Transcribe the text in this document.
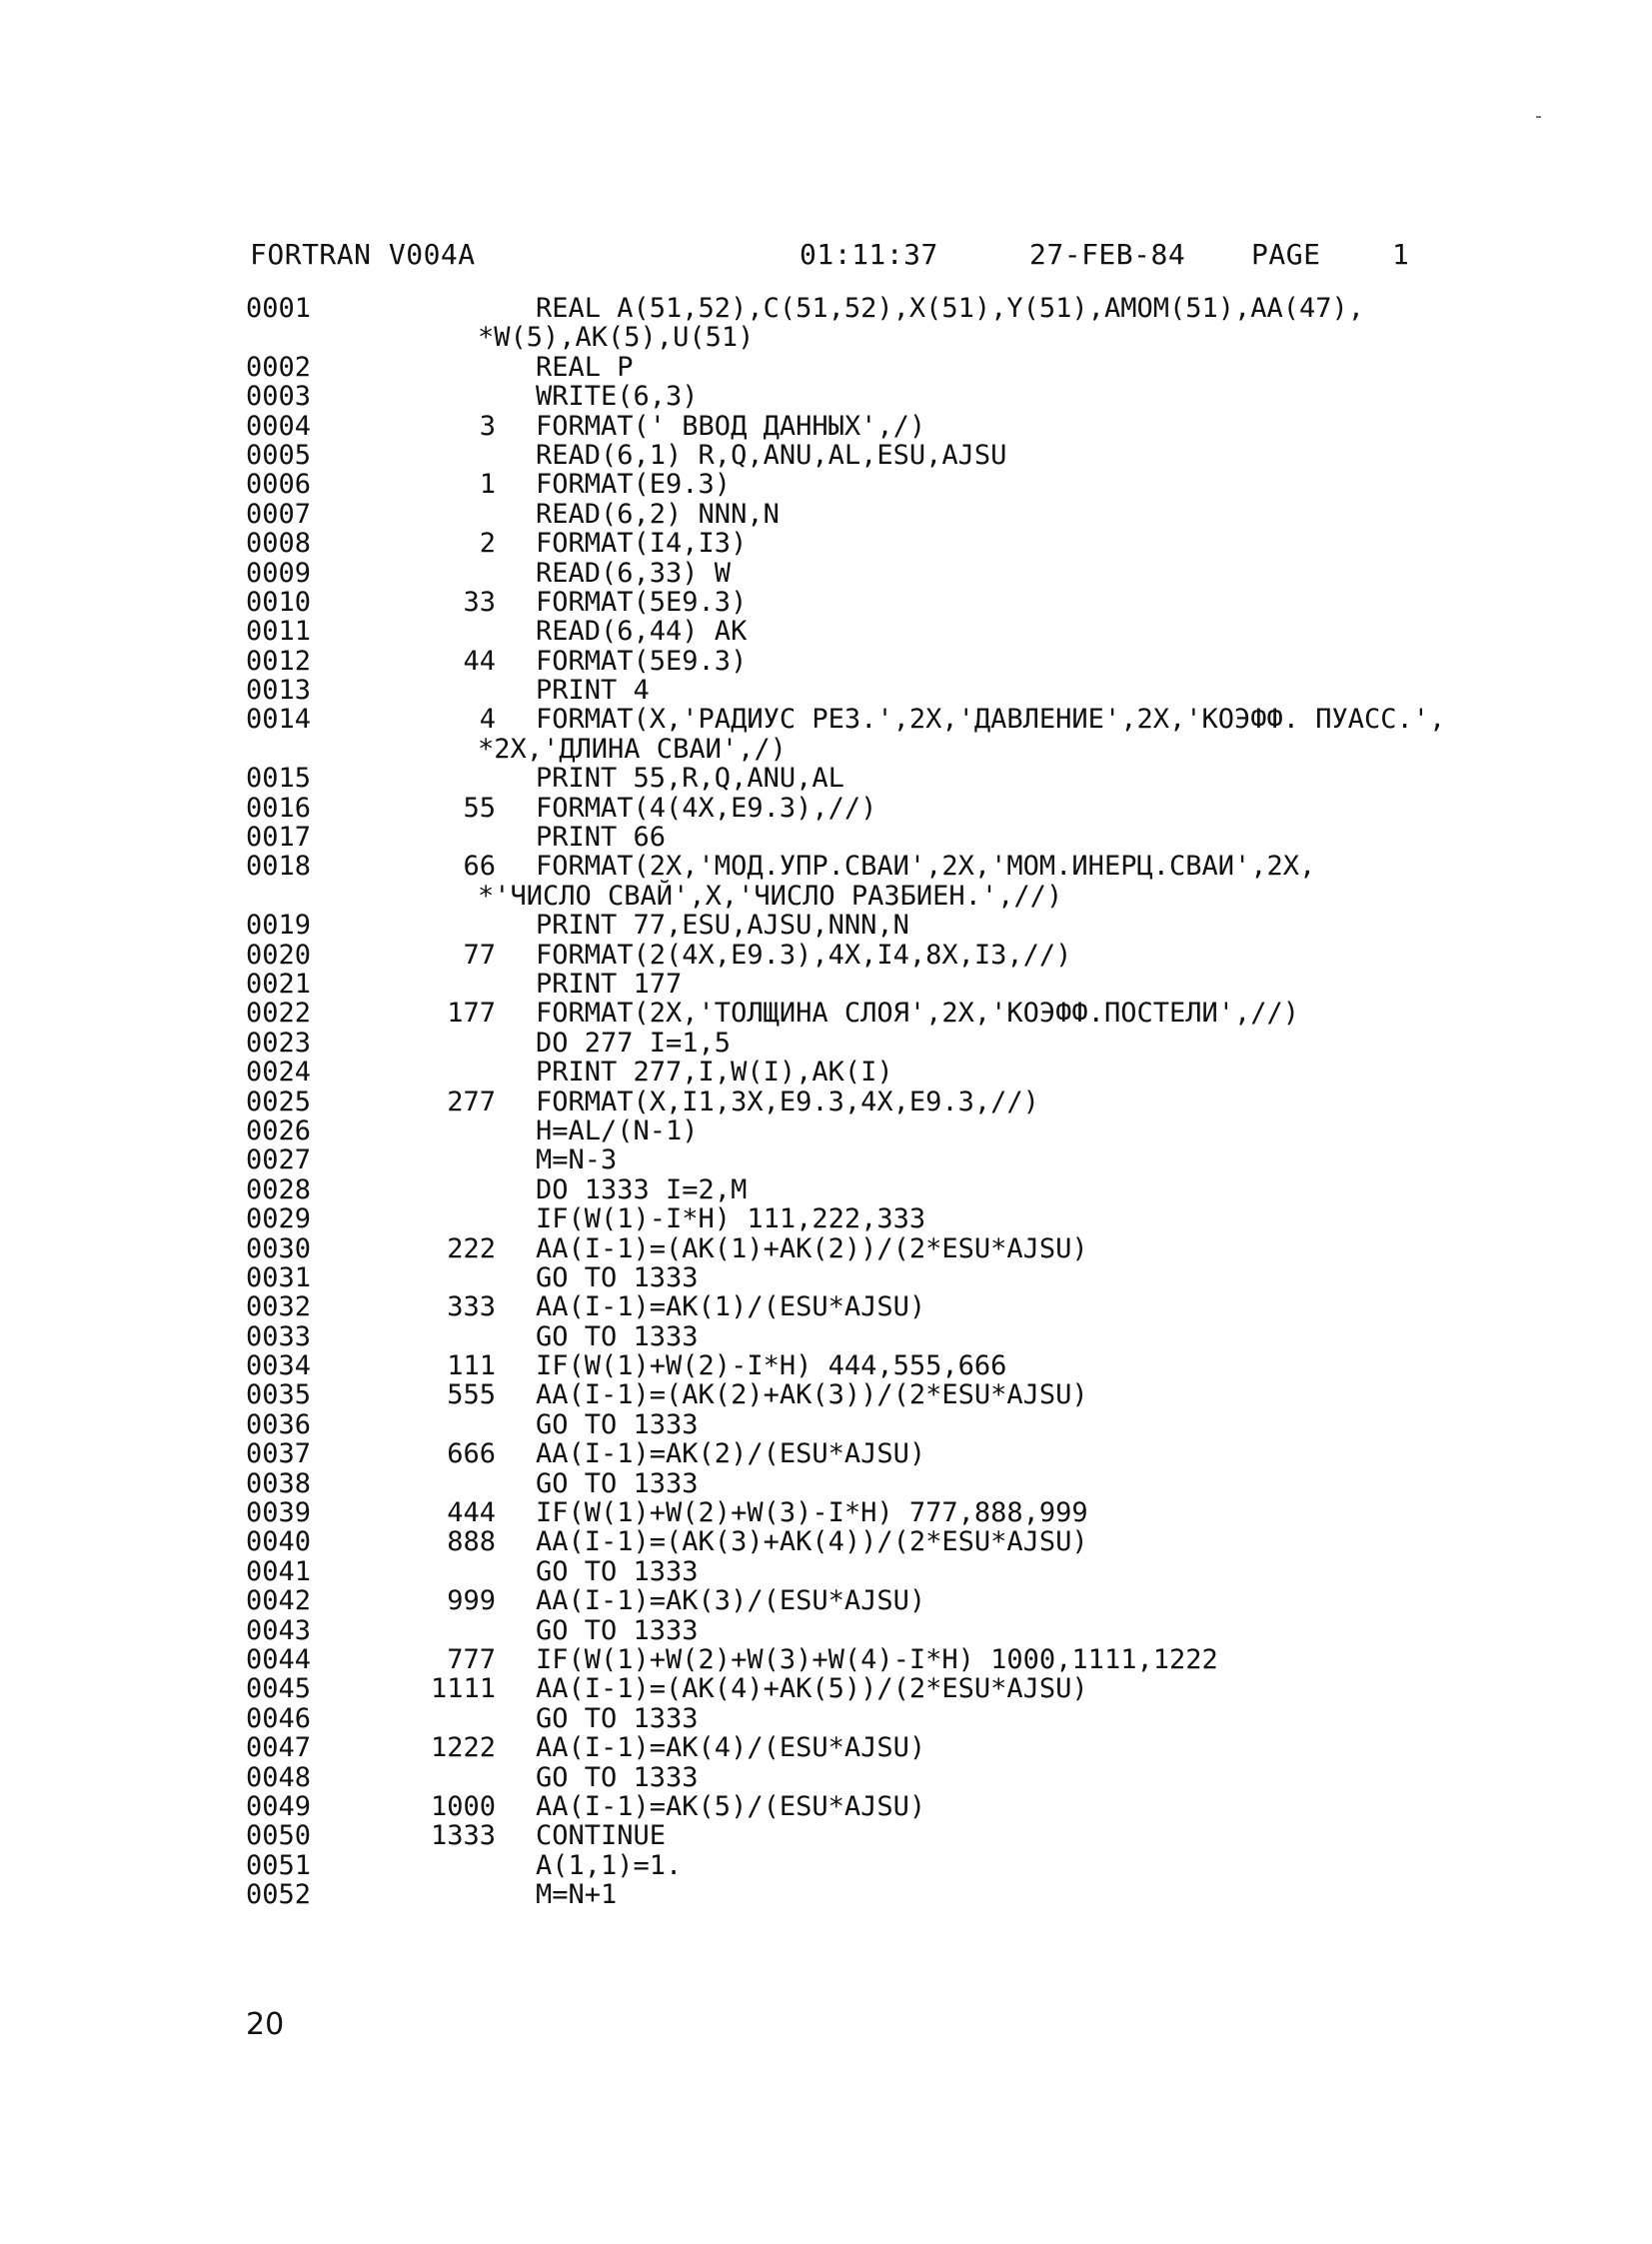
FORTRAN V004A	01:11:37	27-FEB-84 PAGE	1
0001	REAL A(51,52),C(51,52),X(51),Y(51),AMOM(51),AA(47),
*W(5),AK(5),U(51)
0002	REAL P
0003	WRITE(6,3)
0004	3 FORMAT(' ВВОД ДАННЫХ',/)
0005	READ(6,1) R,Q,ANU,AL,ESU,AJSU
0006	1 FORMAT(E9.3)
0007	READ(6,2) NNN,N
0008	2 FORMAT(I4,I3)
0009	READ(6,33) W
0010	33 FORMAT(5E9.3)
0011	READ(6,44) AK
0012	44 FORMAT(5E9.3)
0013	PRINT 4
0014	4 FORMAT(X,'РАДИУС РЕЗ.',2X,'ДАВЛЕНИЕ',2X,'КОЭФФ. ПУАСС.',
*2X,'ДЛИНА СВАИ',/)
0015	PRINT 55,R,Q,ANU,AL
0016	55 FORMAT(4(4X,E9.3),//)
0017	PRINT 66
0018	66 FORMAT(2X,'МОД.УПР.СВАИ',2X,'МОМ.ИНЕРЦ.СВАИ',2X,
*'ЧИСЛО СВАЙ',X,'ЧИСЛО РАЗБИЕН.',//)
0019	PRINT 77,ESU,AJSU,NNN,N
0020	77 FORMAT(2(4X,E9.3),4X,I4,8X,I3,//)
0021	PRINT 177
0022	177 FORMAT(2X,'ТОЛЩИНА СЛОЯ',2X,'КОЭФФ.ПОСТЕЛИ',//)
0023	DO 277 I=1,5
0024	PRINT 277,I,W(I),AK(I)
0025	277 FORMAT(X,I1,3X,E9.3,4X,E9.3,//)
0026	H=AL/(N-1)
0027	M=N-3
0028	DO 1333 I=2,M
0029	IF(W(1)-I*H) 111,222,333
0030	222 AA(I-1)=(AK(1)+AK(2))/(2*ESU*AJSU)
0031	GO TO 1333
0032	333 AA(I-1)=AK(1)/(ESU*AJSU)
0033	GO TO 1333
0034	111 IF(W(1)+W(2)-I*H) 444,555,666
0035	555 AA(I-1)=(AK(2)+AK(3))/(2*ESU*AJSU)
0036	GO TO 1333
0037	666 AA(I-1)=AK(2)/(ESU*AJSU)
0038	GO TO 1333
0039	444 IF(W(1)+W(2)+W(3)-I*H) 777,888,999
0040	888 AA(I-1)=(AK(3)+AK(4))/(2*ESU*AJSU)
0041	GO TO 1333
0042	999 AA(I-1)=AK(3)/(ESU*AJSU)
0043	GO TO 1333
0044	777 IF(W(1)+W(2)+W(3)+W(4)-I*H) 1000,1111,1222
0045	1111 AA(I-1)=(AK(4)+AK(5))/(2*ESU*AJSU)
0046	GO TO 1333
0047	1222 AA(I-1)=AK(4)/(ESU*AJSU)
0048	GO TO 1333
0049	1000 AA(I-1)=AK(5)/(ESU*AJSU)
0050	1333 CONTINUE
0051	A(1,1)=1.
0052	M=N+1
20
